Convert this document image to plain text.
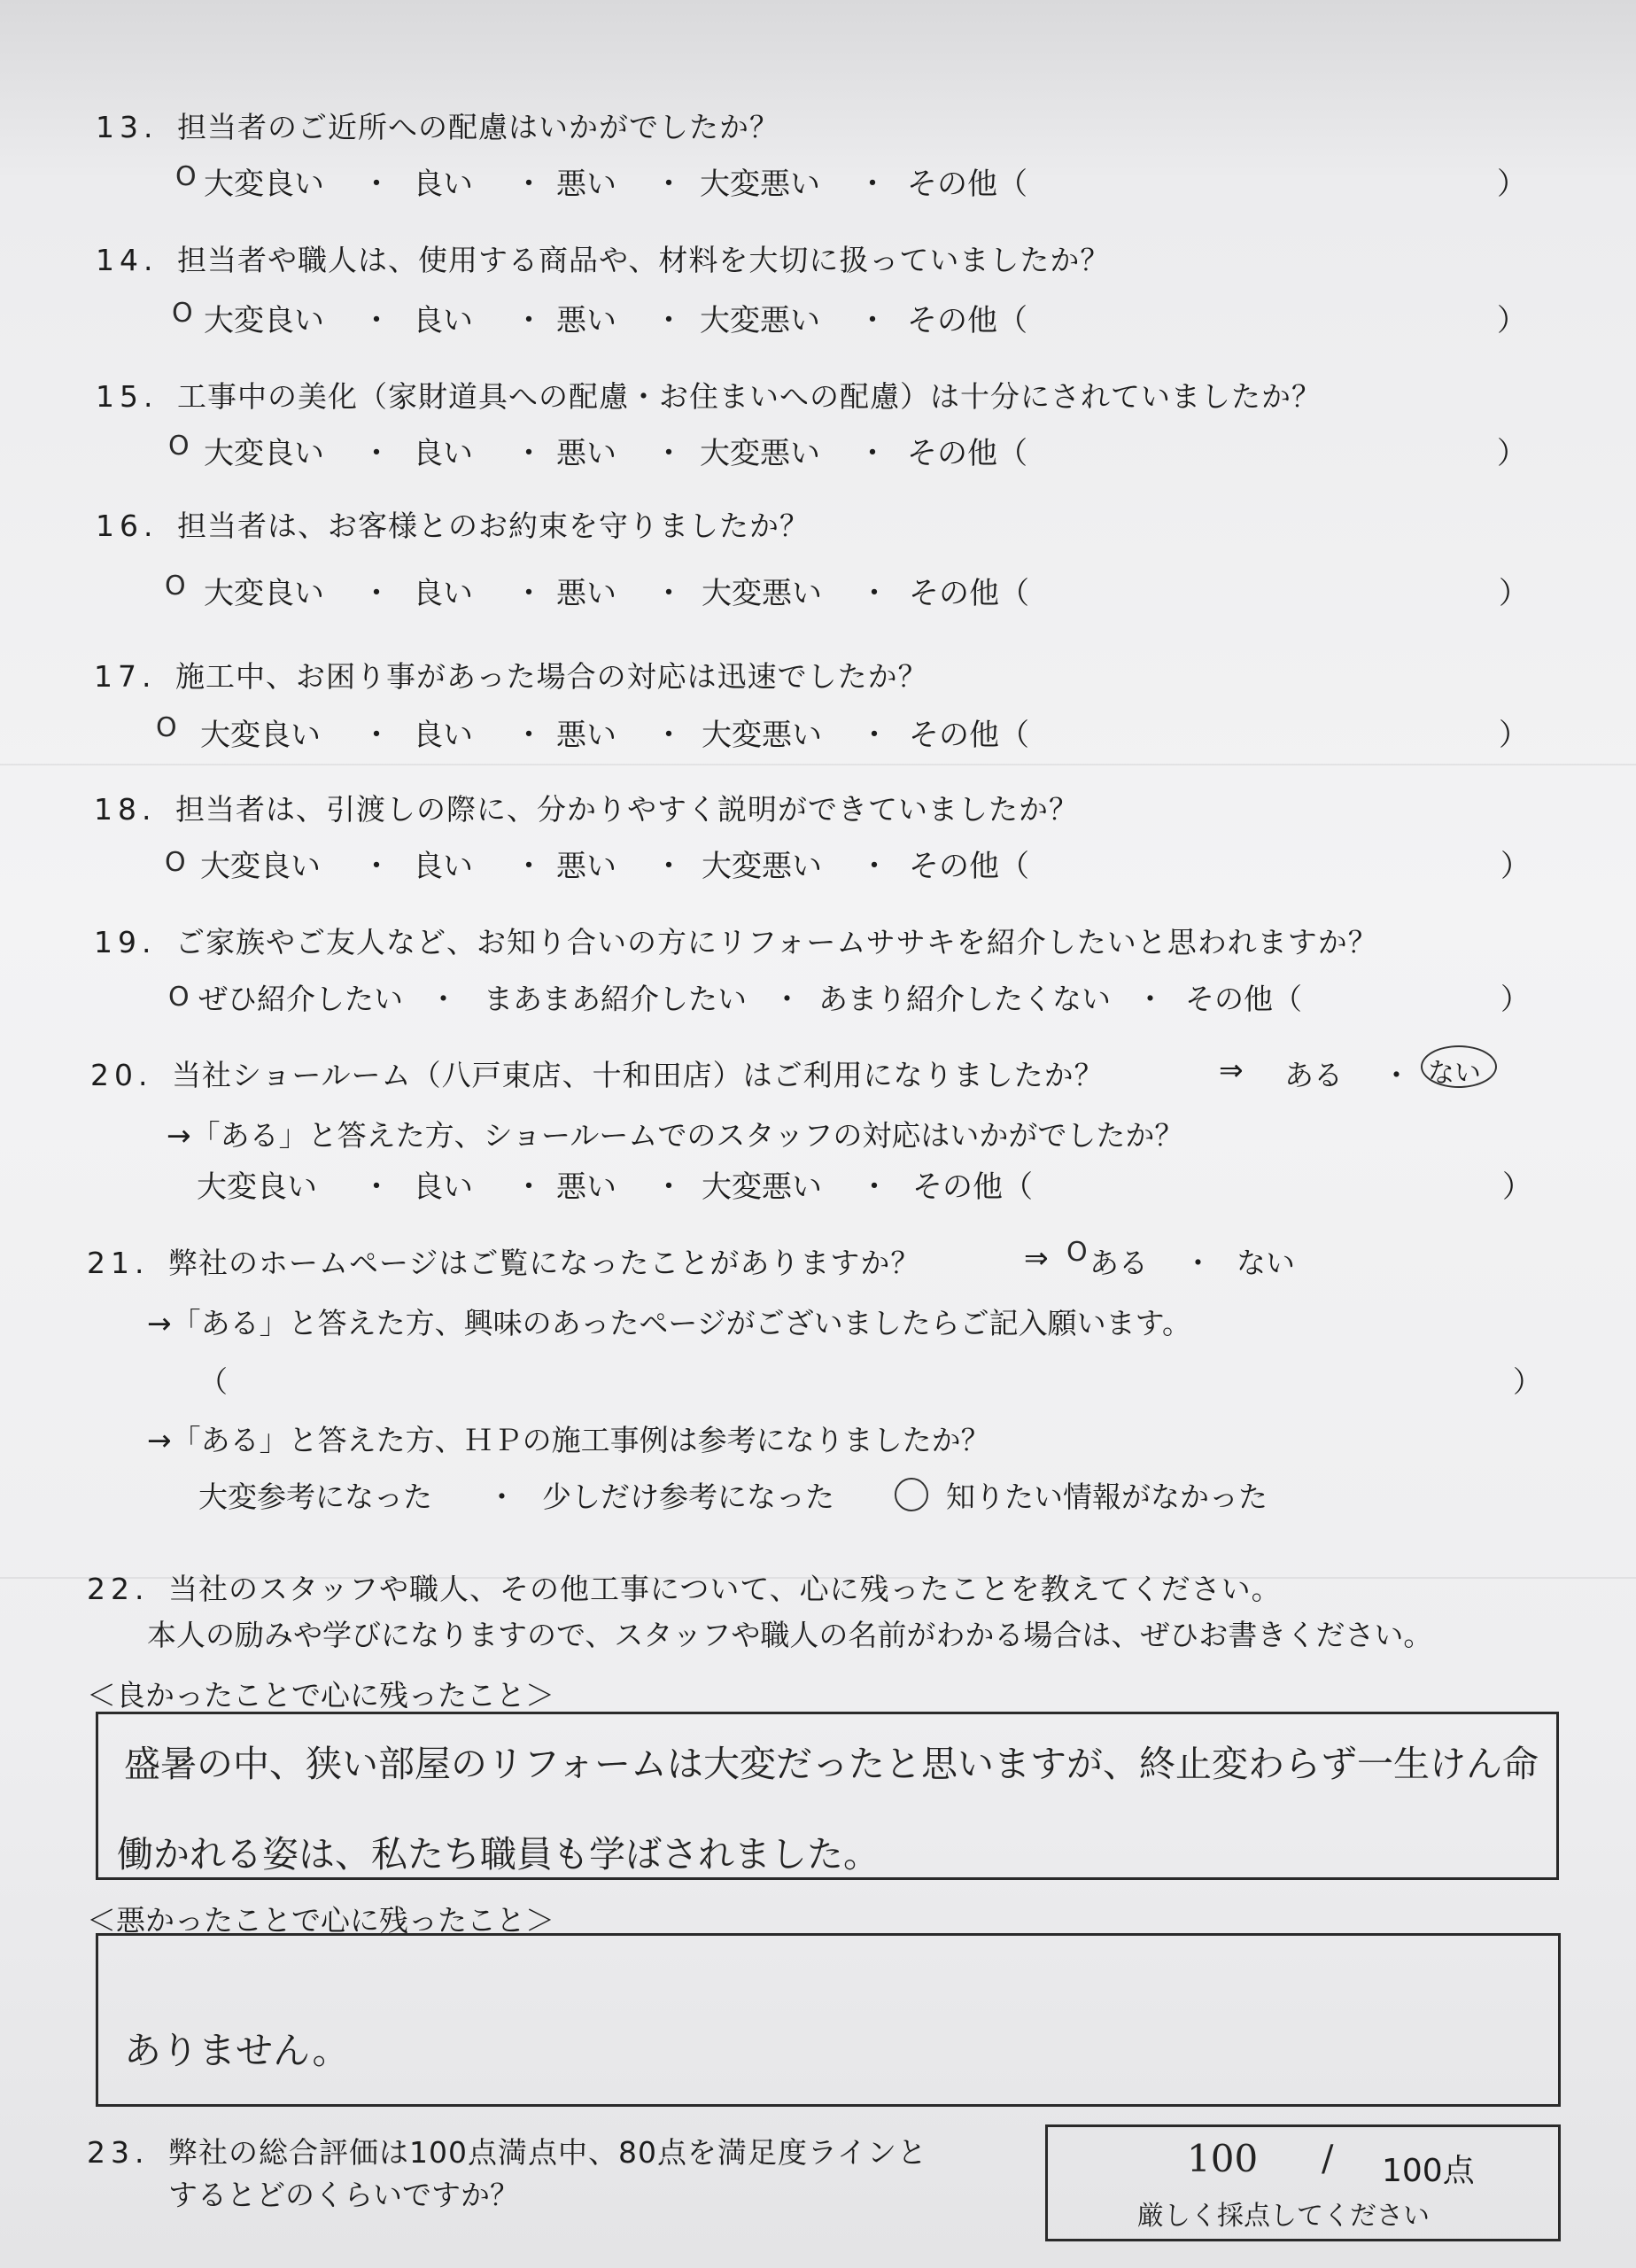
13. 担当者のご近所への配慮はいかがでしたか？
O 大変良い ・ 良い ・ 悪い ・ 大変悪い ・ その他（	）
14. 担当者や職人は、使用する商品や、材料を大切に扱っていましたか？
O 大変良い ・ 良い ・ 悪い ・ 大変悪い ・ その他（	）
15. 工事中の美化（家財道具への配慮・お住まいへの配慮）は十分にされていましたか？
O 大変良い ・ 良い ・ 悪い ・ 大変悪い ・ その他（	）
16. 担当者は、お客様とのお約束を守りましたか？
O 大変良い ・ 良い ・ 悪い ・ 大変悪い ・ その他（	）
17. 施工中、お困り事があった場合の対応は迅速でしたか？
O 大変良い ・ 良い ・ 悪い ・ 大変悪い ・ その他（	）
18. 担当者は、引渡しの際に、分かりやすく説明ができていましたか？
O 大変良い ・ 良い ・ 悪い ・ 大変悪い ・ その他（	）
19. ご家族やご友人など、お知り合いの方にリフォームササキを紹介したいと思われますか？
O ぜひ紹介したい ・ まあまあ紹介したい ・ あまり紹介したくない ・ その他（	）
20. 当社ショールーム（八戸東店、十和田店）はご利用になりましたか？	⇒ ある ・ ない
→「ある」と答えた方、ショールームでのスタッフの対応はいかがでしたか？
大変良い ・ 良い ・ 悪い ・ 大変悪い ・ その他（	）
21. 弊社のホームページはご覧になったことがありますか？	⇒ O ある ・ ない
→「ある」と答えた方、興味のあったページがございましたらご記入願います。
（	）
→「ある」と答えた方、ＨＰの施工事例は参考になりましたか？
大変参考になった ・ 少しだけ参考になった	知りたい情報がなかった
22. 当社のスタッフや職人、その他工事について、心に残ったことを教えてください。
本人の励みや学びになりますので、スタッフや職人の名前がわかる場合は、ぜひお書きください。
＜良かったことで心に残ったこと＞
盛暑の中、狭い部屋のリフォームは大変だったと思いますが、終止変わらず一生けん命
働かれる姿は、私たち職員も学ばされました。
＜悪かったことで心に残ったこと＞
ありません。
23. 弊社の総合評価は100点満点中、80点を満足度ラインと
するとどのくらいですか？
100 / 100点
厳しく採点してください
